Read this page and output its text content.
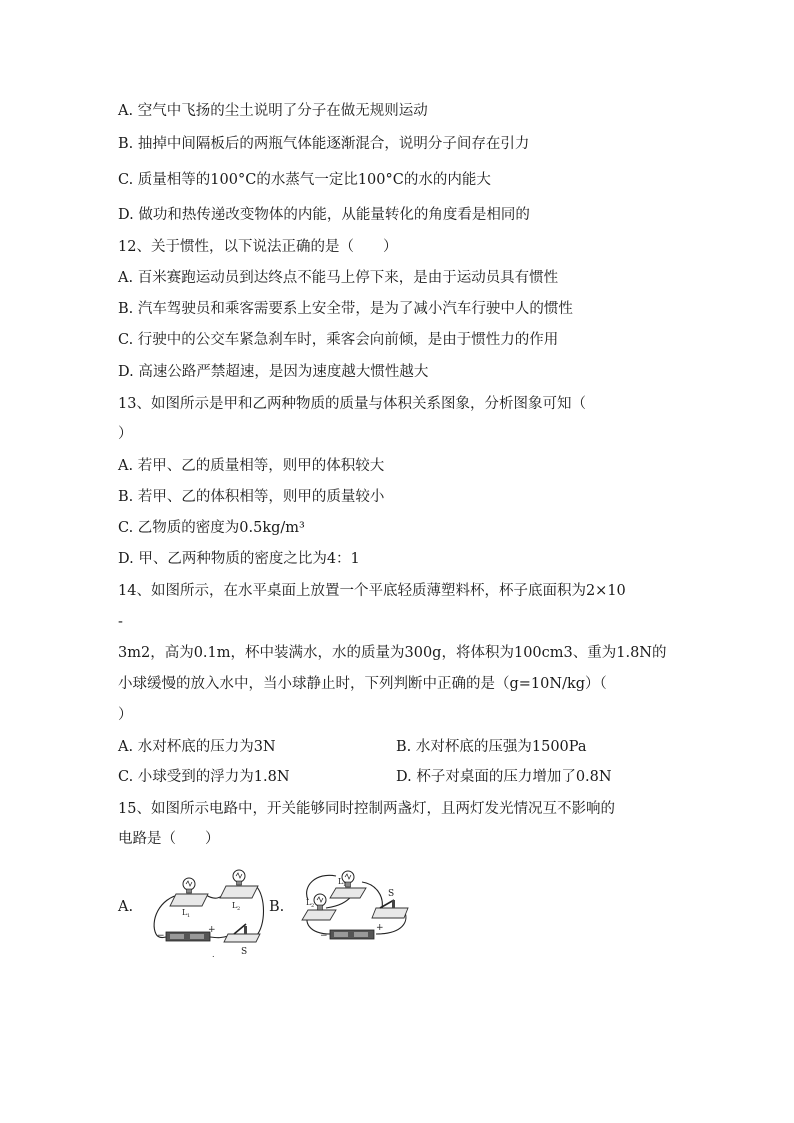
A. 空气中飞扬的尘土说明了分子在做无规则运动
B. 抽掉中间隔板后的两瓶气体能逐渐混合，说明分子间存在引力
C. 质量相等的100°C的水蒸气一定比100°C的水的内能大
D. 做功和热传递改变物体的内能，从能量转化的角度看是相同的
12、关于惯性，以下说法正确的是（　　）
A. 百米赛跑运动员到达终点不能马上停下来，是由于运动员具有惯性
B. 汽车驾驶员和乘客需要系上安全带，是为了减小汽车行驶中人的惯性
C. 行驶中的公交车紧急刹车时，乘客会向前倾，是由于惯性力的作用
D. 高速公路严禁超速，是因为速度越大惯性越大
13、如图所示是甲和乙两种物质的质量与体积关系图象，分析图象可知（
）
A. 若甲、乙的质量相等，则甲的体积较大
B. 若甲、乙的体积相等，则甲的质量较小
C. 乙物质的密度为0.5kg/m³
D. 甲、乙两种物质的密度之比为4：1
14、如图所示，在水平桌面上放置一个平底轻质薄塑料杯，杯子底面积为2×10
-
3m2，高为0.1m，杯中装满水，水的质量为300g，将体积为100cm3、重为1.8N的
小球缓慢的放入水中，当小球静止时，下列判断中正确的是（g=10N/kg）（
）
A. 水对杯底的压力为3N	B. 水对杯底的压强为1500Pa
C. 小球受到的浮力为1.8N	D. 杯子对桌面的压力增加了0.8N
15、如图所示电路中，开关能够同时控制两盏灯，且两灯发光情况互不影响的
电路是（　　）
A.	B.
L 1
L 2
−
+
S
.
L 1
L 2
−
+
S
